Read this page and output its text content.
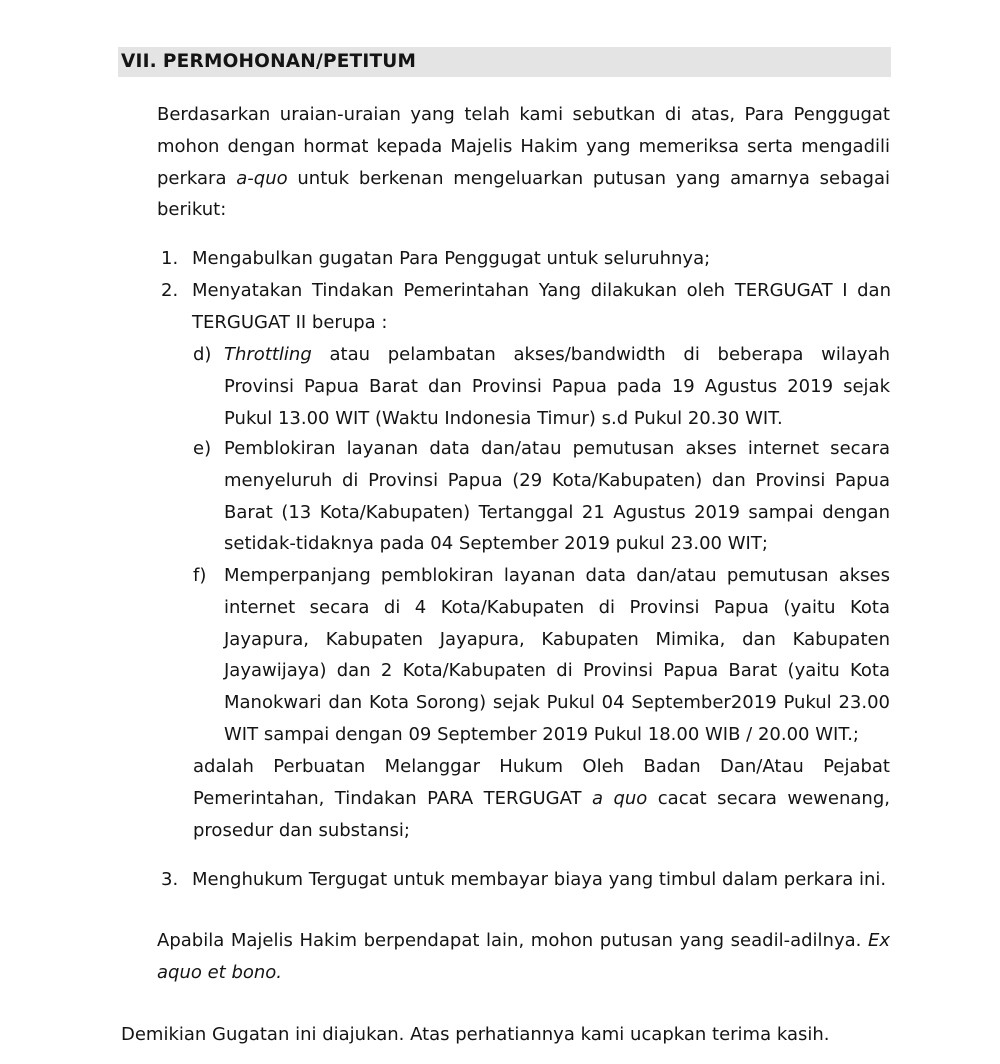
VII. PERMOHONAN/PETITUM

Berdasarkan uraian-uraian yang telah kami sebutkan di atas, Para Penggugat mohon dengan hormat kepada Majelis Hakim yang memeriksa serta mengadili perkara a-quo untuk berkenan mengeluarkan putusan yang amarnya sebagai berikut:

1. Mengabulkan gugatan Para Penggugat untuk seluruhnya;
2. Menyatakan Tindakan Pemerintahan Yang dilakukan oleh TERGUGAT I dan TERGUGAT II berupa :
d) Throttling atau pelambatan akses/bandwidth di beberapa wilayah Provinsi Papua Barat dan Provinsi Papua pada 19 Agustus 2019 sejak Pukul 13.00 WIT (Waktu Indonesia Timur) s.d Pukul 20.30 WIT.
e) Pemblokiran layanan data dan/atau pemutusan akses internet secara menyeluruh di Provinsi Papua (29 Kota/Kabupaten) dan Provinsi Papua Barat (13 Kota/Kabupaten) Tertanggal 21 Agustus 2019 sampai dengan setidak-tidaknya pada 04 September 2019 pukul 23.00 WIT;
f) Memperpanjang pemblokiran layanan data dan/atau pemutusan akses internet secara di 4 Kota/Kabupaten di Provinsi Papua (yaitu Kota Jayapura, Kabupaten Jayapura, Kabupaten Mimika, dan Kabupaten Jayawijaya) dan 2 Kota/Kabupaten di Provinsi Papua Barat (yaitu Kota Manokwari dan Kota Sorong) sejak Pukul 04 September2019 Pukul 23.00 WIT sampai dengan 09 September 2019 Pukul 18.00 WIB / 20.00 WIT.;

adalah Perbuatan Melanggar Hukum Oleh Badan Dan/Atau Pejabat Pemerintahan, Tindakan PARA TERGUGAT a quo cacat secara wewenang, prosedur dan substansi;

3. Menghukum Tergugat untuk membayar biaya yang timbul dalam perkara ini.

Apabila Majelis Hakim berpendapat lain, mohon putusan yang seadil-adilnya. Ex aquo et bono.

Demikian Gugatan ini diajukan. Atas perhatiannya kami ucapkan terima kasih.
